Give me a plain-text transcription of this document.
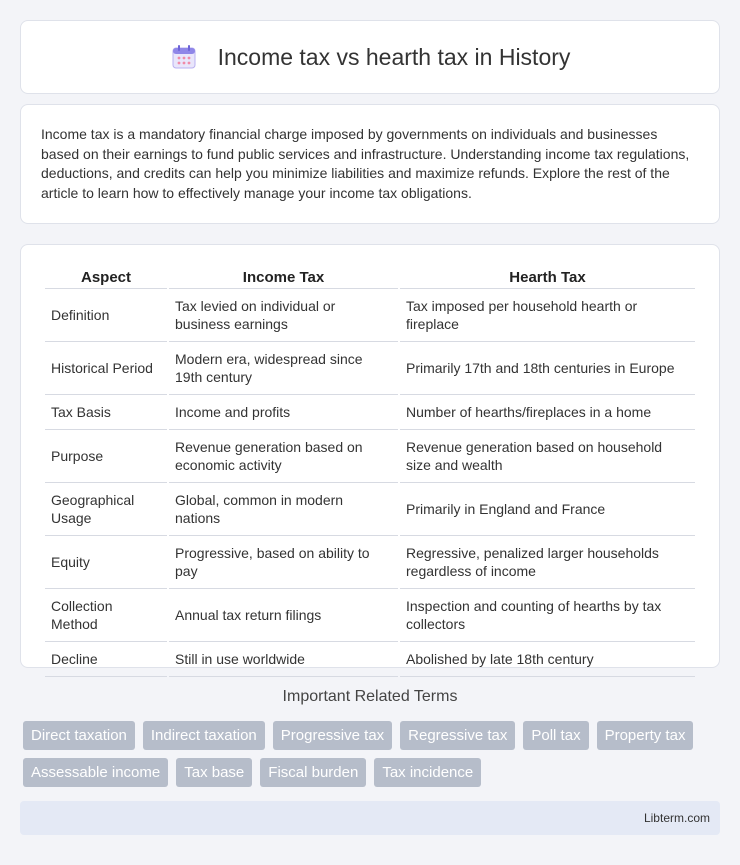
Income tax vs hearth tax in History

Income tax is a mandatory financial charge imposed by governments on individuals and businesses based on their earnings to fund public services and infrastructure. Understanding income tax regulations, deductions, and credits can help you minimize liabilities and maximize refunds. Explore the rest of the article to learn how to effectively manage your income tax obligations.

Aspect	Income Tax	Hearth Tax
Definition	Tax levied on individual or business earnings	Tax imposed per household hearth or fireplace
Historical Period	Modern era, widespread since 19th century	Primarily 17th and 18th centuries in Europe
Tax Basis	Income and profits	Number of hearths/fireplaces in a home
Purpose	Revenue generation based on economic activity	Revenue generation based on household size and wealth
Geographical Usage	Global, common in modern nations	Primarily in England and France
Equity	Progressive, based on ability to pay	Regressive, penalized larger households regardless of income
Collection Method	Annual tax return filings	Inspection and counting of hearths by tax collectors
Decline	Still in use worldwide	Abolished by late 18th century
Important Related Terms
Direct taxation	Indirect taxation	Progressive tax	Regressive tax	Poll tax	Property tax
Assessable income	Tax base	Fiscal burden	Tax incidence
Libterm.com
